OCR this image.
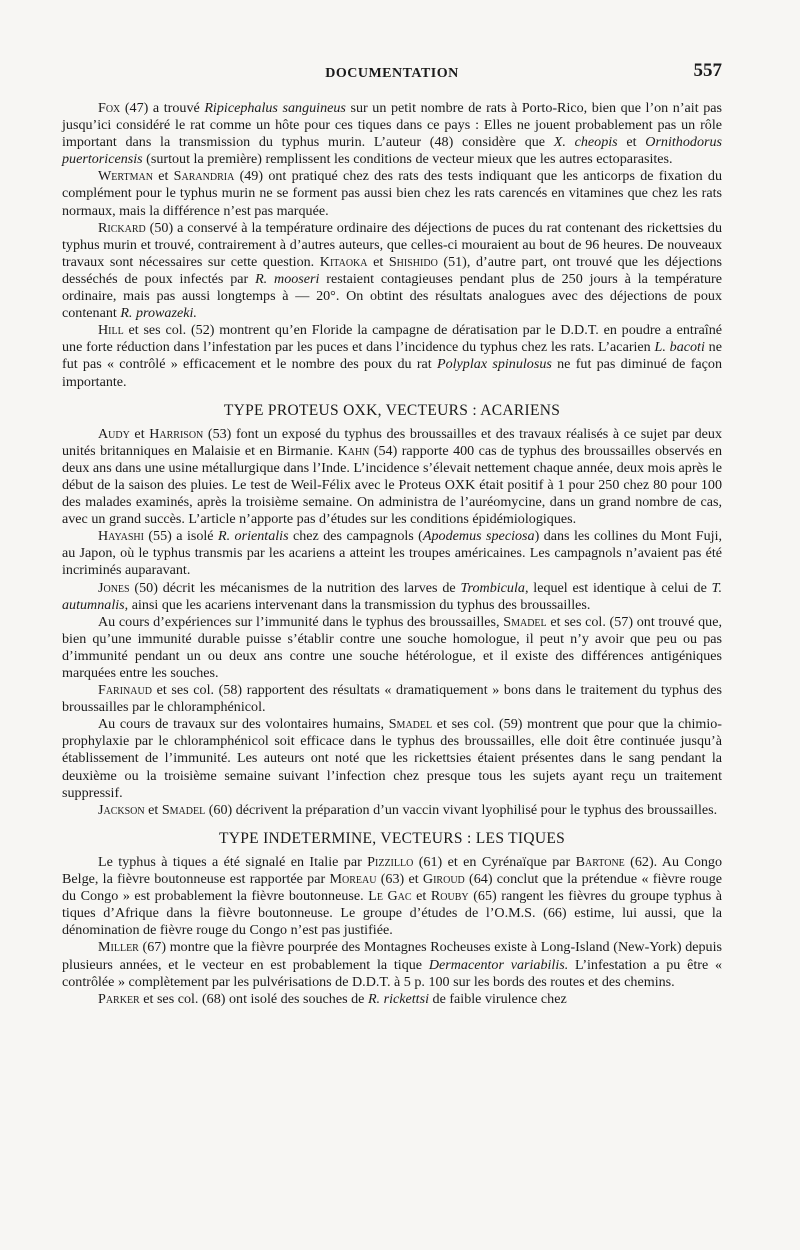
DOCUMENTATION	557

Fox (47) a trouvé Ripicephalus sanguineus sur un petit nombre de rats à Porto-Rico, bien que l’on n’ait pas jusqu’ici considéré le rat comme un hôte pour ces tiques dans ce pays : Elles ne jouent probablement pas un rôle important dans la transmission du typhus murin. L’auteur (48) considère que X. cheopis et Ornithodorus puertoricensis (surtout la première) remplissent les conditions de vecteur mieux que les autres ectoparasites.

Wertman et Sarandria (49) ont pratiqué chez des rats des tests indiquant que les anticorps de fixation du complément pour le typhus murin ne se forment pas aussi bien chez les rats carencés en vitamines que chez les rats normaux, mais la différence n’est pas marquée.

Rickard (50) a conservé à la température ordinaire des déjections de puces du rat contenant des rickettsies du typhus murin et trouvé, contrairement à d’autres auteurs, que celles-ci mouraient au bout de 96 heures. De nouveaux travaux sont nécessaires sur cette question. Kitaoka et Shishido (51), d’autre part, ont trouvé que les déjections desséchés de poux infectés par R. mooseri restaient contagieuses pendant plus de 250 jours à la température ordinaire, mais pas aussi longtemps à — 20°. On obtint des résultats analogues avec des déjections de poux contenant R. prowazeki.

Hill et ses col. (52) montrent qu’en Floride la campagne de dératisation par le D.D.T. en poudre a entraîné une forte réduction dans l’infestation par les puces et dans l’incidence du typhus chez les rats. L’acarien L. bacoti ne fut pas « contrôlé » efficacement et le nombre des poux du rat Polyplax spinulosus ne fut pas diminué de façon importante.

TYPE PROTEUS OXK, VECTEURS : ACARIENS

Audy et Harrison (53) font un exposé du typhus des broussailles et des travaux réalisés à ce sujet par deux unités britanniques en Malaisie et en Birmanie. Kahn (54) rapporte 400 cas de typhus des broussailles observés en deux ans dans une usine métallurgique dans l’Inde. L’incidence s’élevait nettement chaque année, deux mois après le début de la saison des pluies. Le test de Weil-Félix avec le Proteus OXK était positif à 1 pour 250 chez 80 pour 100 des malades examinés, après la troisième semaine. On administra de l’auréomycine, dans un grand nombre de cas, avec un grand succès. L’article n’apporte pas d’études sur les conditions épidémiologiques.

Hayashi (55) a isolé R. orientalis chez des campagnols (Apodemus speciosa) dans les collines du Mont Fuji, au Japon, où le typhus transmis par les acariens a atteint les troupes américaines. Les campagnols n’avaient pas été incriminés auparavant.

Jones (50) décrit les mécanismes de la nutrition des larves de Trombicula, lequel est identique à celui de T. autumnalis, ainsi que les acariens intervenant dans la transmission du typhus des broussailles.

Au cours d’expériences sur l’immunité dans le typhus des broussailles, Smadel et ses col. (57) ont trouvé que, bien qu’une immunité durable puisse s’établir contre une souche homologue, il peut n’y avoir que peu ou pas d’immunité pendant un ou deux ans contre une souche hétérologue, et il existe des différences antigéniques marquées entre les souches.

Farinaud et ses col. (58) rapportent des résultats « dramatiquement » bons dans le traitement du typhus des broussailles par le chloramphénicol.

Au cours de travaux sur des volontaires humains, Smadel et ses col. (59) montrent que pour que la chimio-prophylaxie par le chloramphénicol soit efficace dans le typhus des broussailles, elle doit être continuée jusqu’à établissement de l’immunité. Les auteurs ont noté que les rickettsies étaient présentes dans le sang pendant la deuxième ou la troisième semaine suivant l’infection chez presque tous les sujets ayant reçu un traitement suppressif.

Jackson et Smadel (60) décrivent la préparation d’un vaccin vivant lyophilisé pour le typhus des broussailles.

TYPE INDETERMINE, VECTEURS : LES TIQUES

Le typhus à tiques a été signalé en Italie par Pizzillo (61) et en Cyrénaïque par Bartone (62). Au Congo Belge, la fièvre boutonneuse est rapportée par Moreau (63) et Giroud (64) conclut que la prétendue « fièvre rouge du Congo » est probablement la fièvre boutonneuse. Le Gac et Rouby (65) rangent les fièvres du groupe typhus à tiques d’Afrique dans la fièvre boutonneuse. Le groupe d’études de l’O.M.S. (66) estime, lui aussi, que la dénomination de fièvre rouge du Congo n’est pas justifiée.

Miller (67) montre que la fièvre pourprée des Montagnes Rocheuses existe à Long-Island (New-York) depuis plusieurs années, et le vecteur en est probablement la tique Dermacentor variabilis. L’infestation a pu être « contrôlée » complètement par les pulvérisations de D.D.T. à 5 p. 100 sur les bords des routes et des chemins.

Parker et ses col. (68) ont isolé des souches de R. rickettsi de faible virulence chez
